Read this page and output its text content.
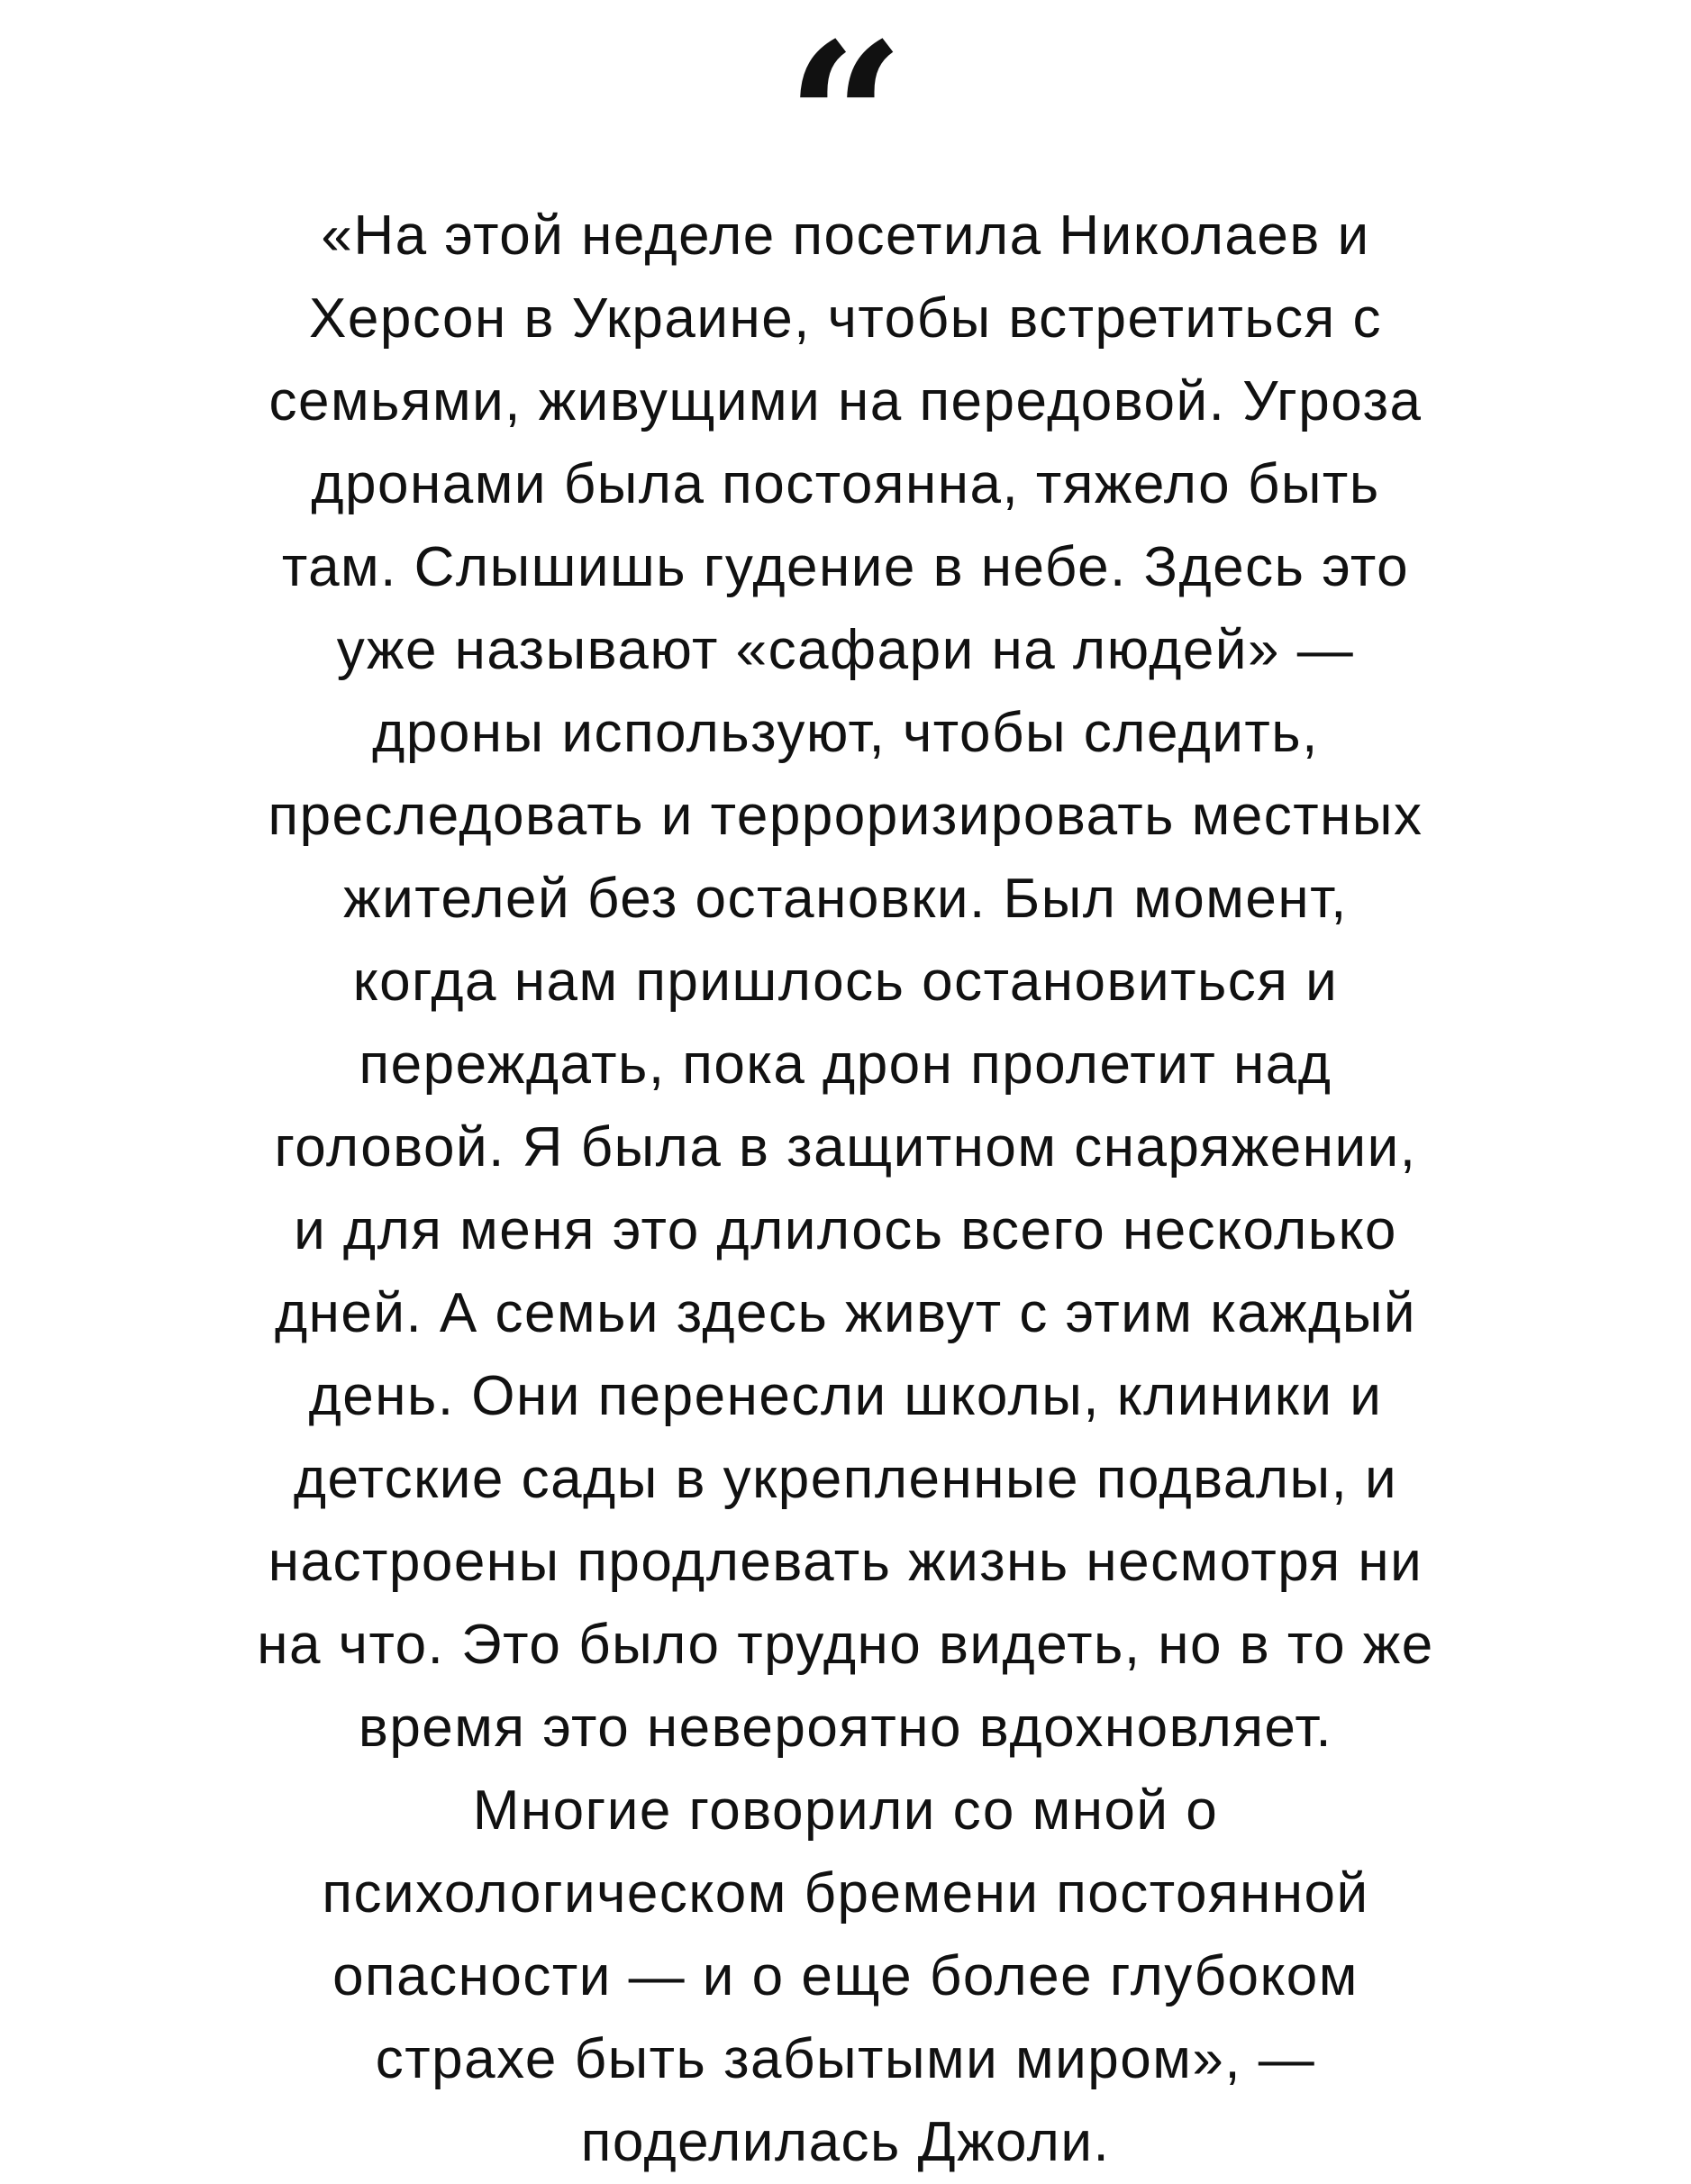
“
«На этой неделе посетила Николаев и
Херсон в Украине, чтобы встретиться с
семьями, живущими на передовой. Угроза
дронами была постоянна, тяжело быть
там. Слышишь гудение в небе. Здесь это
уже называют «сафари на людей» —
дроны используют, чтобы следить,
преследовать и терроризировать местных
жителей без остановки. Был момент,
когда нам пришлось остановиться и
переждать, пока дрон пролетит над
головой. Я была в защитном снаряжении,
и для меня это длилось всего несколько
дней. А семьи здесь живут с этим каждый
день. Они перенесли школы, клиники и
детские сады в укрепленные подвалы, и
настроены продлевать жизнь несмотря ни
на что. Это было трудно видеть, но в то же
время это невероятно вдохновляет.
Многие говорили со мной о
психологическом бремени постоянной
опасности — и о еще более глубоком
страхе быть забытыми миром», —
поделилась Джоли.
